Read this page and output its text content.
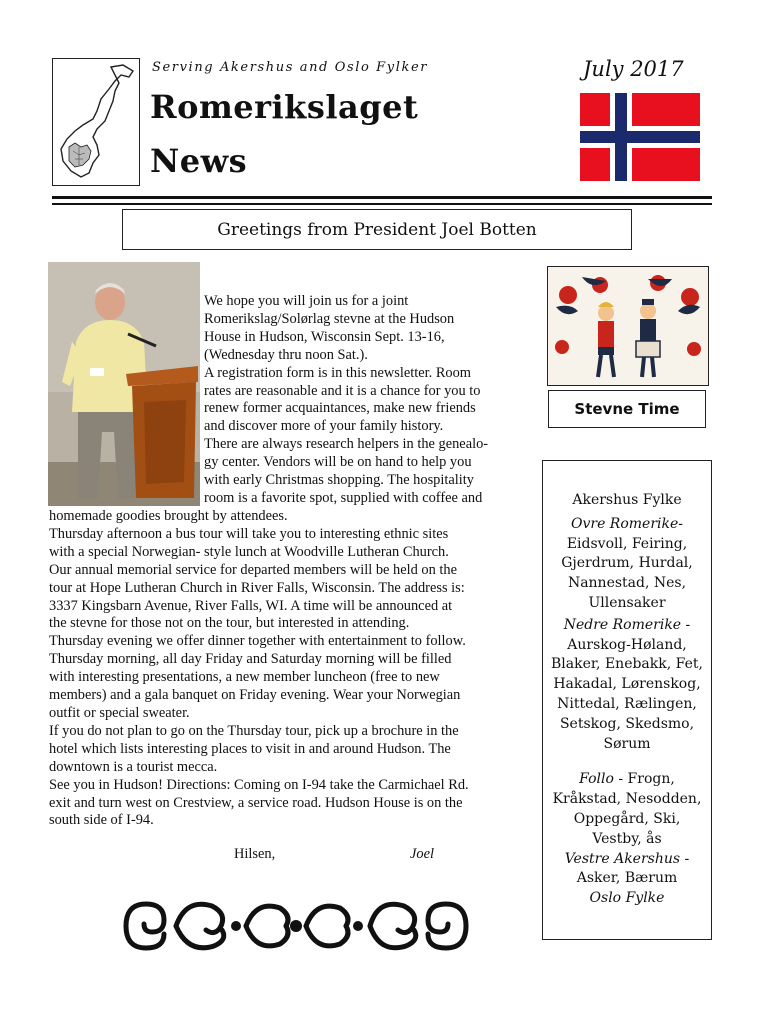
Serving Akershus and Oslo Fylker
Romerikslaget
News
July 2017
Greetings from President Joel Botten
We hope you will join us for a joint
Romerikslag/Solørlag stevne at the Hudson
House in Hudson, Wisconsin Sept. 13-16,
(Wednesday thru noon Sat.).
A registration form is in this newsletter. Room
rates are reasonable and it is a chance for you to
renew former acquaintances, make new friends
and discover more of your family history.
There are always research helpers in the genealo-
gy center. Vendors will be on hand to help you
with early Christmas shopping. The hospitality
room is a favorite spot, supplied with coffee and
homemade goodies brought by attendees.
Thursday afternoon a bus tour will take you to interesting ethnic sites
with a special Norwegian- style lunch at Woodville Lutheran Church.
Our annual memorial service for departed members will be held on the
tour at Hope Lutheran Church in River Falls, Wisconsin. The address is:
3337 Kingsbarn Avenue, River Falls, WI. A time will be announced at
the stevne for those not on the tour, but interested in attending.
Thursday evening we offer dinner together with entertainment to follow.
Thursday morning, all day Friday and Saturday morning will be filled
with interesting presentations, a new member luncheon (free to new
members) and a gala banquet on Friday evening. Wear your Norwegian
outfit or special sweater.
If you do not plan to go on the Thursday tour, pick up a brochure in the
hotel which lists interesting places to visit in and around Hudson. The
downtown is a tourist mecca.
See you in Hudson! Directions: Coming on I-94 take the Carmichael Rd.
exit and turn west on Crestview, a service road. Hudson House is on the
south side of I-94.
Hilsen,	Joel
Stevne Time

Akershus Fylke

Ovre Romerike-

Eidsvoll, Feiring, Gjerdrum, Hurdal, Nannestad, Nes, Ullensaker

Nedre Romerike -

Aurskog-Høland, Blaker, Enebakk, Fet, Hakadal, Lørenskog, Nittedal, Rælingen, Setskog, Skedsmo, Sørum

Follo - Frogn, Kråkstad, Nesodden, Oppegård, Ski, Vestby, ås

Vestre Akershus -

Asker, Bærum

Oslo Fylke
